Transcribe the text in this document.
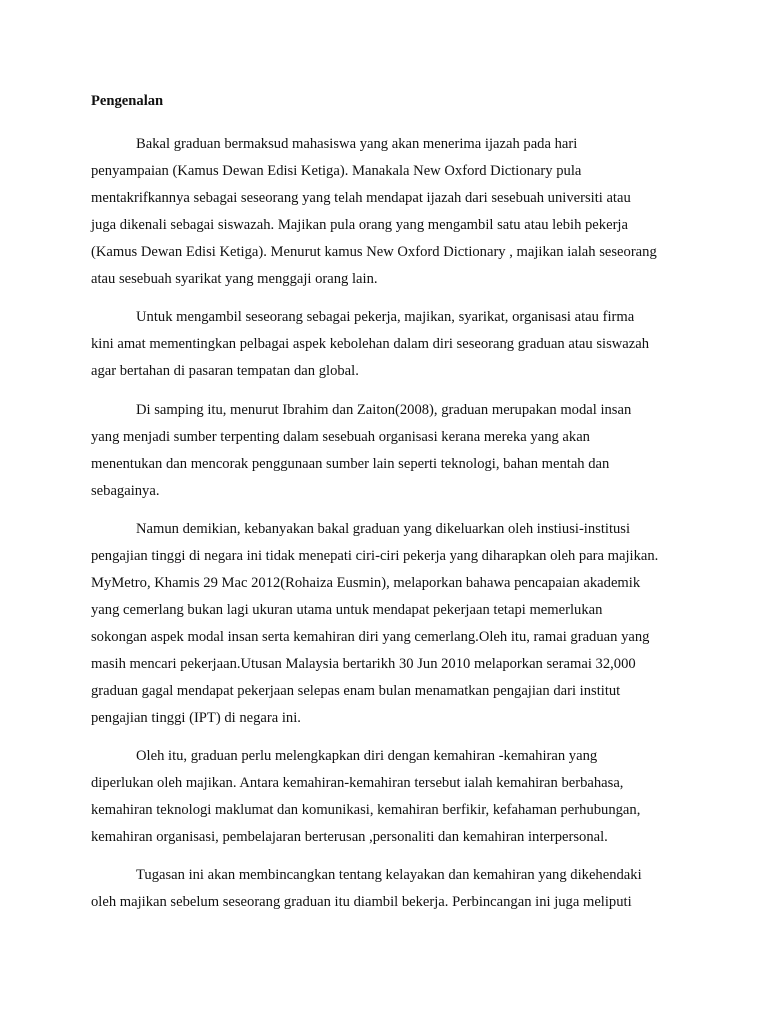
Pengenalan
Bakal graduan bermaksud mahasiswa yang akan menerima ijazah pada hari
penyampaian (Kamus Dewan Edisi Ketiga). Manakala New Oxford Dictionary pula
mentakrifkannya sebagai seseorang yang telah mendapat ijazah dari sesebuah universiti atau
juga dikenali sebagai siswazah. Majikan pula orang yang mengambil satu atau lebih pekerja
(Kamus Dewan Edisi Ketiga). Menurut kamus New Oxford Dictionary , majikan ialah seseorang
atau sesebuah syarikat yang menggaji orang lain.
Untuk mengambil seseorang sebagai pekerja, majikan, syarikat, organisasi atau firma
kini amat mementingkan pelbagai aspek kebolehan dalam diri seseorang graduan atau siswazah
agar bertahan di pasaran tempatan dan global.
Di samping itu, menurut Ibrahim dan Zaiton(2008), graduan merupakan modal insan
yang menjadi sumber terpenting dalam sesebuah organisasi kerana mereka yang akan
menentukan dan mencorak penggunaan sumber lain seperti teknologi, bahan mentah dan
sebagainya.
Namun demikian, kebanyakan bakal graduan yang dikeluarkan oleh instiusi-institusi
pengajian tinggi di negara ini tidak menepati ciri-ciri pekerja yang diharapkan oleh para majikan.
MyMetro, Khamis 29 Mac 2012(Rohaiza Eusmin), melaporkan bahawa pencapaian akademik
yang cemerlang bukan lagi ukuran utama untuk mendapat pekerjaan tetapi memerlukan
sokongan aspek modal insan serta kemahiran diri yang cemerlang.Oleh itu, ramai graduan yang
masih mencari pekerjaan.Utusan Malaysia bertarikh 30 Jun 2010 melaporkan seramai 32,000
graduan gagal mendapat pekerjaan selepas enam bulan menamatkan pengajian dari institut
pengajian tinggi (IPT) di negara ini.
Oleh itu, graduan perlu melengkapkan diri dengan kemahiran -kemahiran yang
diperlukan oleh majikan. Antara kemahiran-kemahiran tersebut ialah kemahiran berbahasa,
kemahiran teknologi maklumat dan komunikasi, kemahiran berfikir, kefahaman perhubungan,
kemahiran organisasi, pembelajaran berterusan ,personaliti dan kemahiran interpersonal.
Tugasan ini akan membincangkan tentang kelayakan dan kemahiran yang dikehendaki
oleh majikan sebelum seseorang graduan itu diambil bekerja. Perbincangan ini juga meliputi
